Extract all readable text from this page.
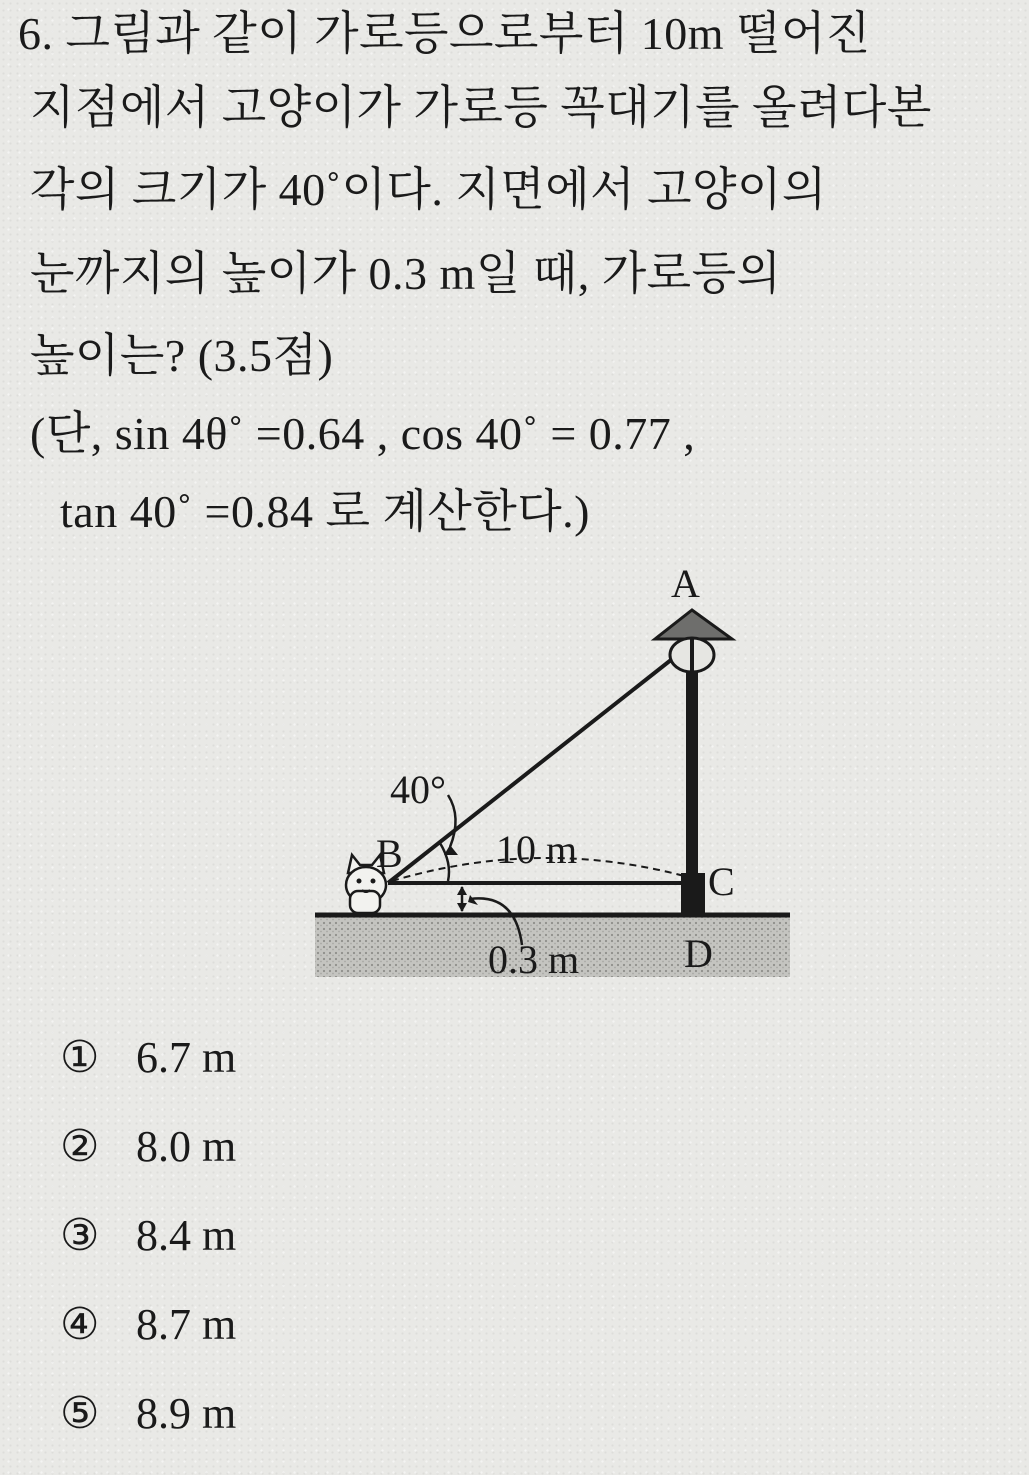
6. 그림과 같이 가로등으로부터 10m 떨어진

지점에서 고양이가 가로등 꼭대기를 올려다본

각의 크기가 40˚이다. 지면에서 고양이의

눈까지의 높이가 0.3 m일 때, 가로등의

높이는? (3.5점)

(단, sin 4θ˚ =0.64 , cos 40˚ = 0.77 ,

tan 40˚ =0.84 로 계산한다.)

A
B
C
D
40°
10 m
0.3 m
① 6.7 m
② 8.0 m
③ 8.4 m
④ 8.7 m
⑤ 8.9 m
